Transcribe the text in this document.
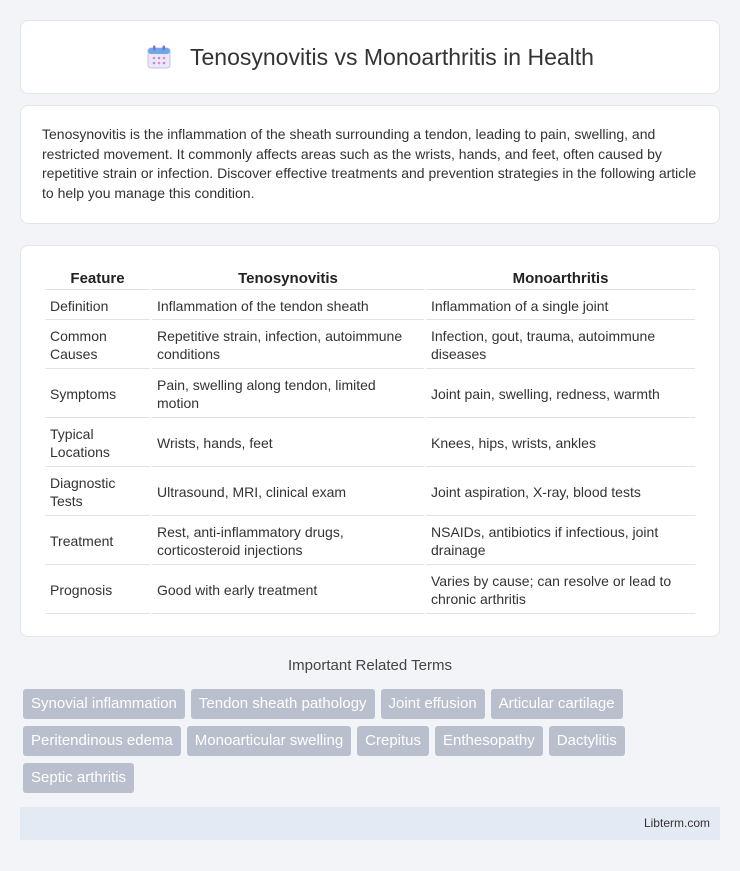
Tenosynovitis vs Monoarthritis in Health

Tenosynovitis is the inflammation of the sheath surrounding a tendon, leading to pain, swelling, and restricted movement. It commonly affects areas such as the wrists, hands, and feet, often caused by repetitive strain or infection. Discover effective treatments and prevention strategies in the following article to help you manage this condition.

Feature	Tenosynovitis	Monoarthritis
Definition	Inflammation of the tendon sheath	Inflammation of a single joint
Common Causes	Repetitive strain, infection, autoimmune conditions	Infection, gout, trauma, autoimmune diseases
Symptoms	Pain, swelling along tendon, limited motion	Joint pain, swelling, redness, warmth
Typical Locations	Wrists, hands, feet	Knees, hips, wrists, ankles
Diagnostic Tests	Ultrasound, MRI, clinical exam	Joint aspiration, X-ray, blood tests
Treatment	Rest, anti-inflammatory drugs, corticosteroid injections	NSAIDs, antibiotics if infectious, joint drainage
Prognosis	Good with early treatment	Varies by cause; can resolve or lead to chronic arthritis
Important Related Terms
Synovial inflammation	Tendon sheath pathology	Joint effusion	Articular cartilage
Peritendinous edema	Monoarticular swelling	Crepitus	Enthesopathy	Dactylitis
Septic arthritis
Libterm.com
